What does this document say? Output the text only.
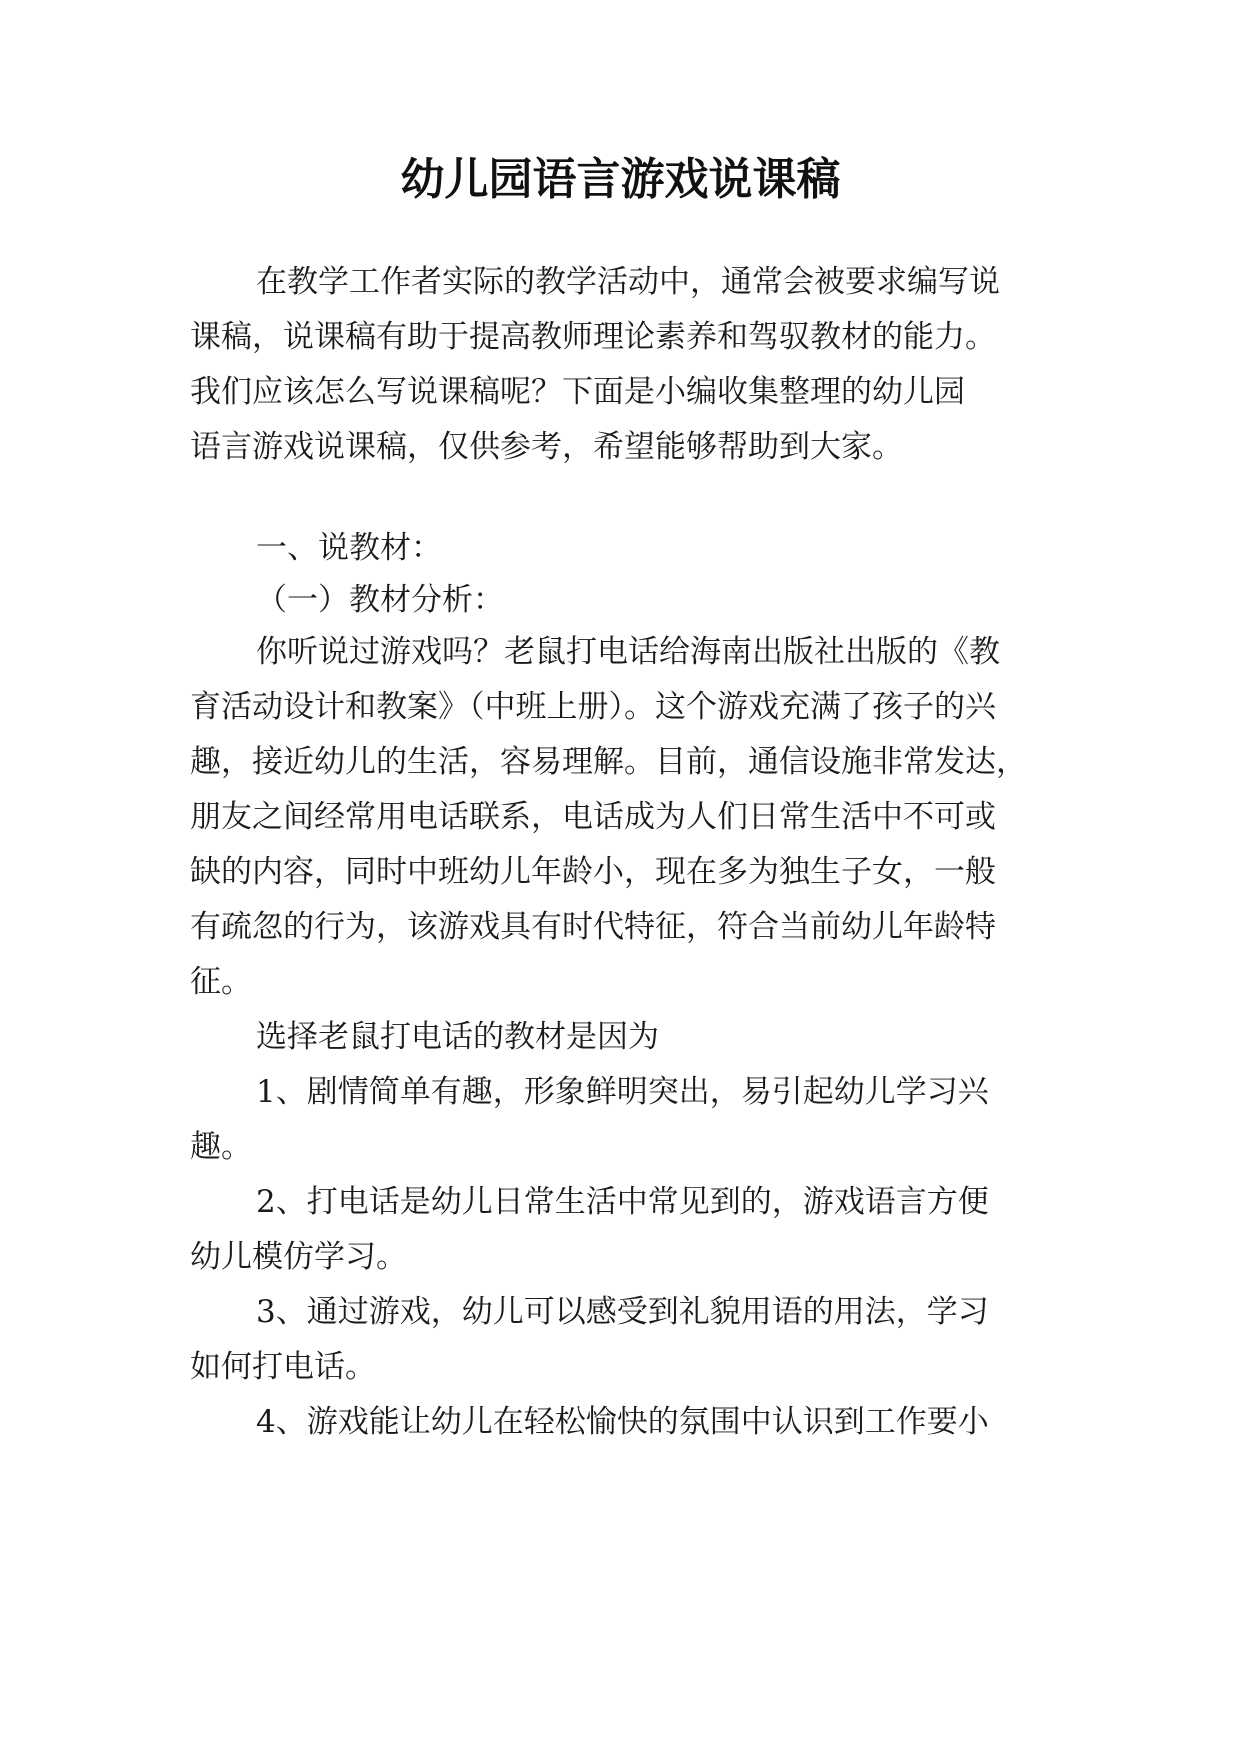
幼儿园语言游戏说课稿

在教学工作者实际的教学活动中，通常会被要求编写说

课稿，说课稿有助于提高教师理论素养和驾驭教材的能力。

我们应该怎么写说课稿呢？下面是小编收集整理的幼儿园

语言游戏说课稿，仅供参考，希望能够帮助到大家。

一、说教材：

（一）教材分析：

你听说过游戏吗？老鼠打电话给海南出版社出版的《教

育活动设计和教案》（中班上册）。这个游戏充满了孩子的兴

趣，接近幼儿的生活，容易理解。目前，通信设施非常发达，

朋友之间经常用电话联系，电话成为人们日常生活中不可或

缺的内容，同时中班幼儿年龄小，现在多为独生子女，一般

有疏忽的行为，该游戏具有时代特征，符合当前幼儿年龄特

征。

选择老鼠打电话的教材是因为

1、剧情简单有趣，形象鲜明突出，易引起幼儿学习兴

趣。

2、打电话是幼儿日常生活中常见到的，游戏语言方便

幼儿模仿学习。

3、通过游戏，幼儿可以感受到礼貌用语的用法，学习

如何打电话。

4、游戏能让幼儿在轻松愉快的氛围中认识到工作要小
